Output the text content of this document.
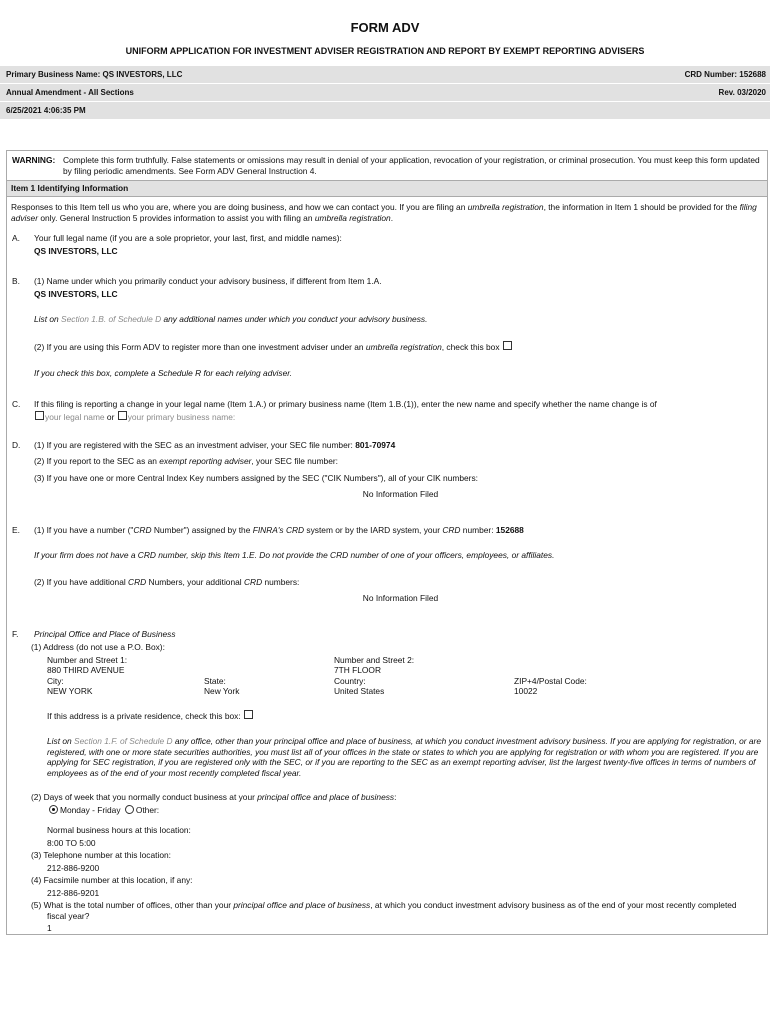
FORM ADV
UNIFORM APPLICATION FOR INVESTMENT ADVISER REGISTRATION AND REPORT BY EXEMPT REPORTING ADVISERS
Primary Business Name: QS INVESTORS, LLC	CRD Number: 152688
Annual Amendment - All Sections	Rev. 03/2020
6/25/2021 4:06:35 PM
WARNING: Complete this form truthfully. False statements or omissions may result in denial of your application, revocation of your registration, or criminal prosecution. You must keep this form updated by filing periodic amendments. See Form ADV General Instruction 4.
Item 1 Identifying Information
Responses to this Item tell us who you are, where you are doing business, and how we can contact you. If you are filing an umbrella registration, the information in Item 1 should be provided for the filing adviser only. General Instruction 5 provides information to assist you with filing an umbrella registration.
A.	Your full legal name (if you are a sole proprietor, your last, first, and middle names):
QS INVESTORS, LLC
B.	(1) Name under which you primarily conduct your advisory business, if different from Item 1.A.
QS INVESTORS, LLC
List on Section 1.B. of Schedule D any additional names under which you conduct your advisory business.
(2) If you are using this Form ADV to register more than one investment adviser under an umbrella registration, check this box
If you check this box, complete a Schedule R for each relying adviser.
C.	If this filing is reporting a change in your legal name (Item 1.A.) or primary business name (Item 1.B.(1)), enter the new name and specify whether the name change is of
your legal name or your primary business name:
D.	(1) If you are registered with the SEC as an investment adviser, your SEC file number: 801-70974
(2) If you report to the SEC as an exempt reporting adviser, your SEC file number:
(3) If you have one or more Central Index Key numbers assigned by the SEC ("CIK Numbers"), all of your CIK numbers:
No Information Filed
E.	(1) If you have a number ("CRD Number") assigned by the FINRA's CRD system or by the IARD system, your CRD number: 152688
If your firm does not have a CRD number, skip this Item 1.E. Do not provide the CRD number of one of your officers, employees, or affiliates.
(2) If you have additional CRD Numbers, your additional CRD numbers:
No Information Filed
F.	Principal Office and Place of Business
(1) Address (do not use a P.O. Box):
Number and Street 1:	Number and Street 2:
880 THIRD AVENUE	7TH FLOOR
City:	State:	Country:	ZIP+4/Postal Code:
NEW YORK	New York	United States	10022
If this address is a private residence, check this box:
List on Section 1.F. of Schedule D any office, other than your principal office and place of business, at which you conduct investment advisory business. If you are applying for registration, or are registered, with one or more state securities authorities, you must list all of your offices in the state or states to which you are applying for registration or with whom you are registered. If you are applying for SEC registration, if you are registered only with the SEC, or if you are reporting to the SEC as an exempt reporting adviser, list the largest twenty-five offices in terms of numbers of employees as of the end of your most recently completed fiscal year.
(2) Days of week that you normally conduct business at your principal office and place of business:
Monday - Friday Other:
Normal business hours at this location:
8:00 TO 5:00
(3) Telephone number at this location:
212-886-9200
(4) Facsimile number at this location, if any:
212-886-9201
(5) What is the total number of offices, other than your principal office and place of business, at which you conduct investment advisory business as of the end of your most recently completed fiscal year?
1
